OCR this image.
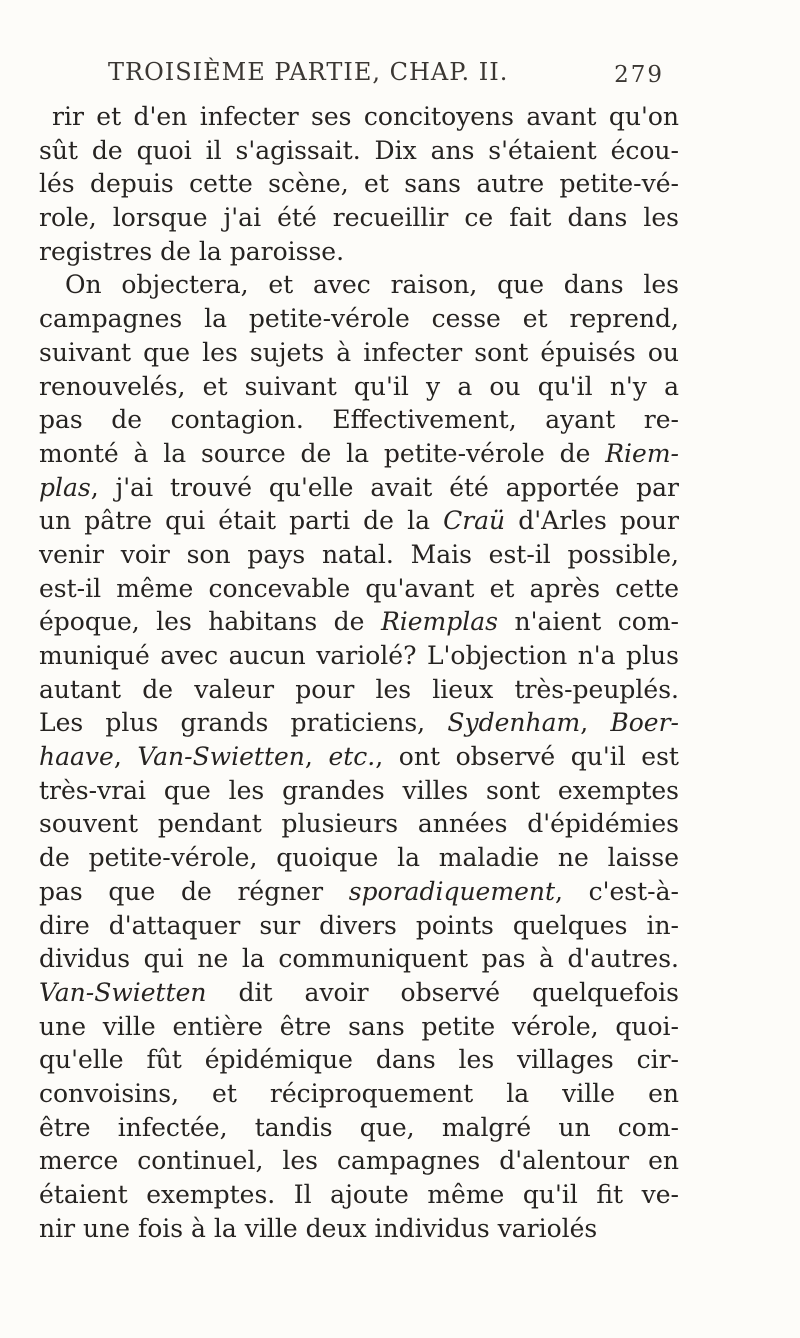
TROISIÈME PARTIE, CHAP. II.	279
rir et d'en infecter ses concitoyens avant qu'on
sût de quoi il s'agissait. Dix ans s'étaient écou-
lés depuis cette scène, et sans autre petite-vé-
role, lorsque j'ai été recueillir ce fait dans les
registres de la paroisse.
On objectera, et avec raison, que dans les
campagnes la petite-vérole cesse et reprend,
suivant que les sujets à infecter sont épuisés ou
renouvelés, et suivant qu'il y a ou qu'il n'y a
pas de contagion. Effectivement, ayant re-
monté à la source de la petite-vérole de Riem-
plas, j'ai trouvé qu'elle avait été apportée par
un pâtre qui était parti de la Craü d'Arles pour
venir voir son pays natal. Mais est-il possible,
est-il même concevable qu'avant et après cette
époque, les habitans de Riemplas n'aient com-
muniqué avec aucun variolé? L'objection n'a plus
autant de valeur pour les lieux très-peuplés.
Les plus grands praticiens, Sydenham, Boer-
haave, Van-Swietten, etc., ont observé qu'il est
très-vrai que les grandes villes sont exemptes
souvent pendant plusieurs années d'épidémies
de petite-vérole, quoique la maladie ne laisse
pas que de régner sporadiquement, c'est-à-
dire d'attaquer sur divers points quelques in-
dividus qui ne la communiquent pas à d'autres.
Van-Swietten dit avoir observé quelquefois
une ville entière être sans petite vérole, quoi-
qu'elle fût épidémique dans les villages cir-
convoisins, et réciproquement la ville en
être infectée, tandis que, malgré un com-
merce continuel, les campagnes d'alentour en
étaient exemptes. Il ajoute même qu'il fit ve-
nir une fois à la ville deux individus variolés
